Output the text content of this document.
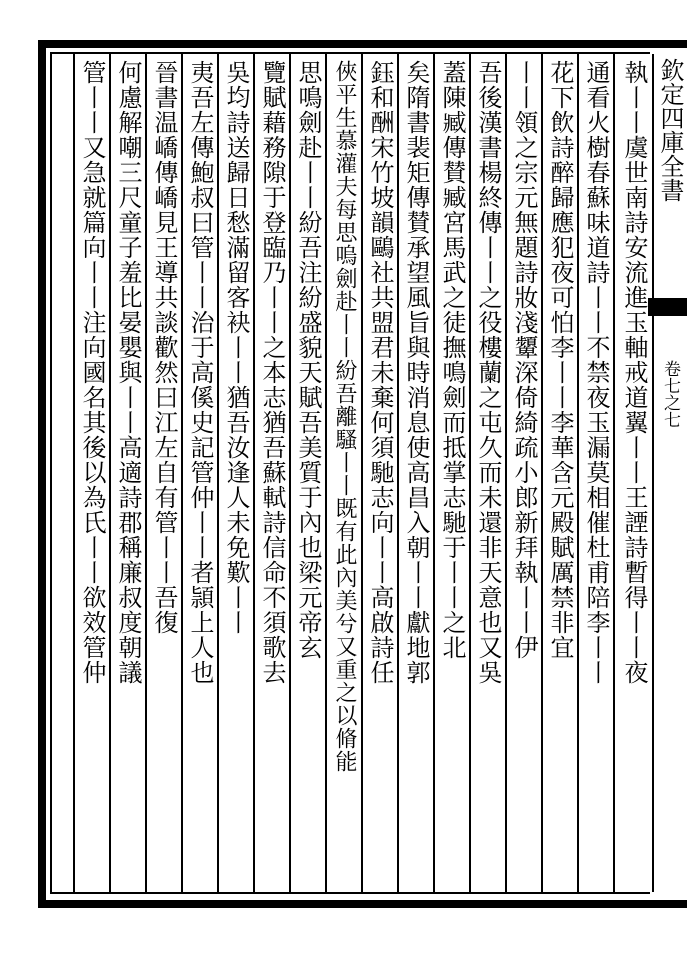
欽定四庫全書
卷七之七
執丨丨虞世南詩安流進玉軸戒道翼丨丨王諲詩暫得丨丨夜
通看火樹春蘇味道詩丨丨不禁夜玉漏莫相催杜甫陪李丨丨
花下飲詩醉歸應犯夜可怕李丨丨李華含元殿賦厲禁非宜
丨丨領之宗元無題詩妝淺顰深倚綺疏小郎新拜執丨丨伊
吾後漢書楊終傳丨丨之役樓蘭之屯久而未還非天意也又吳
蓋陳臧傳賛臧宮馬武之徒撫鳴劍而抵掌志馳于丨丨之北
矣隋書裴矩傳賛承望風旨與時消息使高昌入朝丨丨獻地郭
鈺和酬宋竹坡韻鷗社共盟君未棄何須馳志向丨丨高啟詩任
俠平生慕灌夫每思嗚劍赴丨丨紛吾離騷丨丨既有此內美兮又重之以脩能
思鳴劍赴丨丨紛吾注紛盛貌天賦吾美質于內也梁元帝玄
覽賦藉務隙于登臨乃丨丨之本志猶吾蘇軾詩信命不須歌去
吳均詩送歸日愁滿留客袂丨丨猶吾汝逢人未免歎丨丨
夷吾左傳鮑叔曰管丨丨治于高傒史記管仲丨丨者頴上人也
晉書温嶠傳嶠見王導共談歡然曰江左自有管丨丨吾復
何慮解嘲三尺童子羞比晏嬰與丨丨高適詩郡稱廉叔度朝議
管丨丨又急就篇向丨丨注向國名其後以為氏丨丨欲效管仲
